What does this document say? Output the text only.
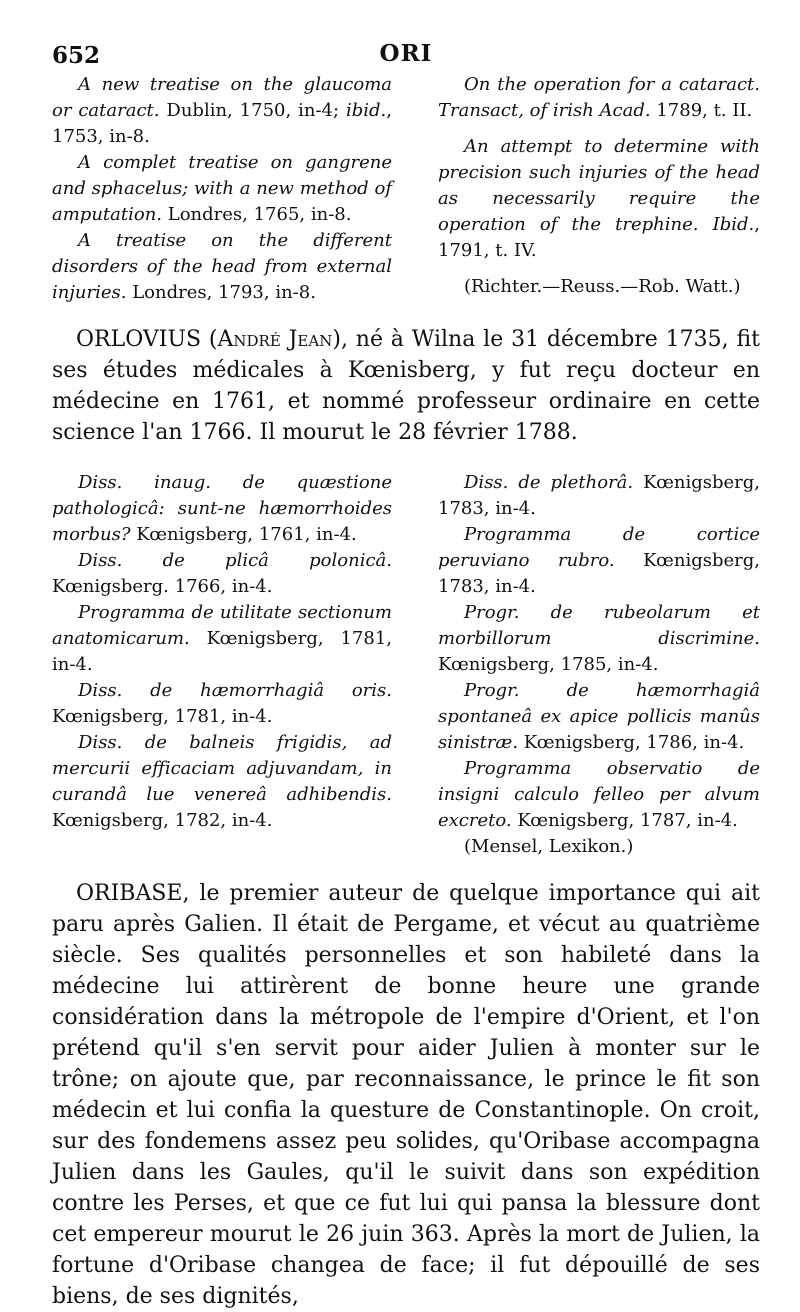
652	ORI

A new treatise on the glaucoma or cataract. Dublin, 1750, in-4; ibid., 1753, in-8.

A complet treatise on gangrene and sphacelus; with a new method of amputation. Londres, 1765, in-8.

A treatise on the different disorders of the head from external injuries. Londres, 1793, in-8.

On the operation for a cataract. Transact, of irish Acad. 1789, t. II.

An attempt to determine with precision such injuries of the head as necessarily require the operation of the trephine. Ibid., 1791, t. IV.

(Richter.—Reuss.—Rob. Watt.)

ORLOVIUS (André Jean), né à Wilna le 31 décembre 1735, fit ses études médicales à Kœnisberg, y fut reçu docteur en médecine en 1761, et nommé professeur ordinaire en cette science l'an 1766. Il mourut le 28 février 1788.

Diss. inaug. de quæstione pathologicâ: sunt-ne hæmorrhoides morbus? Kœnigsberg, 1761, in-4.

Diss. de plicâ polonicâ. Kœnigsberg. 1766, in-4.

Programma de utilitate sectionum anatomicarum. Kœnigsberg, 1781, in-4.

Diss. de hæmorrhagiâ oris. Kœnigsberg, 1781, in-4.

Diss. de balneis frigidis, ad mercurii efficaciam adjuvandam, in curandâ lue venereâ adhibendis. Kœnigsberg, 1782, in-4.

Diss. de plethorâ. Kœnigsberg, 1783, in-4.

Programma de cortice peruviano rubro. Kœnigsberg, 1783, in-4.

Progr. de rubeolarum et morbillorum discrimine. Kœnigsberg, 1785, in-4.

Progr. de hæmorrhagiâ spontaneâ ex apice pollicis manûs sinistræ. Kœnigsberg, 1786, in-4.

Programma observatio de insigni calculo felleo per alvum excreto. Kœnigsberg, 1787, in-4.

(Mensel, Lexikon.)

ORIBASE, le premier auteur de quelque importance qui ait paru après Galien. Il était de Pergame, et vécut au quatrième siècle. Ses qualités personnelles et son habileté dans la médecine lui attirèrent de bonne heure une grande considération dans la métropole de l'empire d'Orient, et l'on prétend qu'il s'en servit pour aider Julien à monter sur le trône; on ajoute que, par reconnaissance, le prince le fit son médecin et lui confia la questure de Constantinople. On croit, sur des fondemens assez peu solides, qu'Oribase accompagna Julien dans les Gaules, qu'il le suivit dans son expédition contre les Perses, et que ce fut lui qui pansa la blessure dont cet empereur mourut le 26 juin 363. Après la mort de Julien, la fortune d'Oribase changea de face; il fut dépouillé de ses biens, de ses dignités,
